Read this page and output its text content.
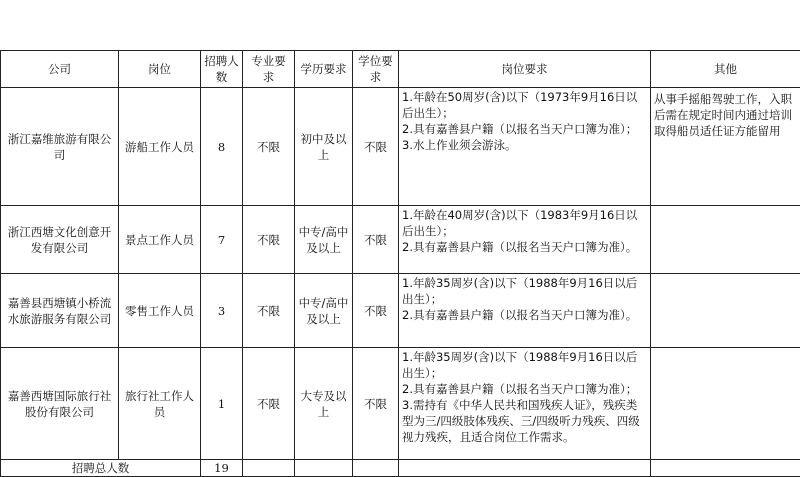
公司	岗位	招聘人数	专业要求	学历要求	学位要求	岗位要求	其他
浙江嘉维旅游有限公司	游船工作人员	8	不限	初中及以上	不限	1.年龄在50周岁(含)以下（1973年9月16日以后出生）；
2.具有嘉善县户籍（以报名当天户口簿为准）；
3.水上作业须会游泳。	从事手摇船驾驶工作，入职后需在规定时间内通过培训取得船员适任证方能留用
浙江西塘文化创意开发有限公司	景点工作人员	7	不限	中专/高中及以上	不限	1.年龄在40周岁(含)以下（1983年9月16日以后出生）；
2.具有嘉善县户籍（以报名当天户口簿为准）。	

嘉善县西塘镇小桥流水旅游服务有限公司	零售工作人员	3	不限	中专/高中及以上	不限	1.年龄35周岁(含)以下（1988年9月16日以后出生）；
2.具有嘉善县户籍（以报名当天户口簿为准）。	

嘉善西塘国际旅行社股份有限公司	旅行社工作人员	1	不限	大专及以上	不限	1.年龄35周岁(含)以下（1988年9月16日以后出生）；
2.具有嘉善县户籍（以报名当天户口簿为准）；
3.需持有《中华人民共和国残疾人证》，残疾类型为三/四级肢体残疾、三/四级听力残疾、四级视力残疾，且适合岗位工作需求。	

招聘总人数		19					
